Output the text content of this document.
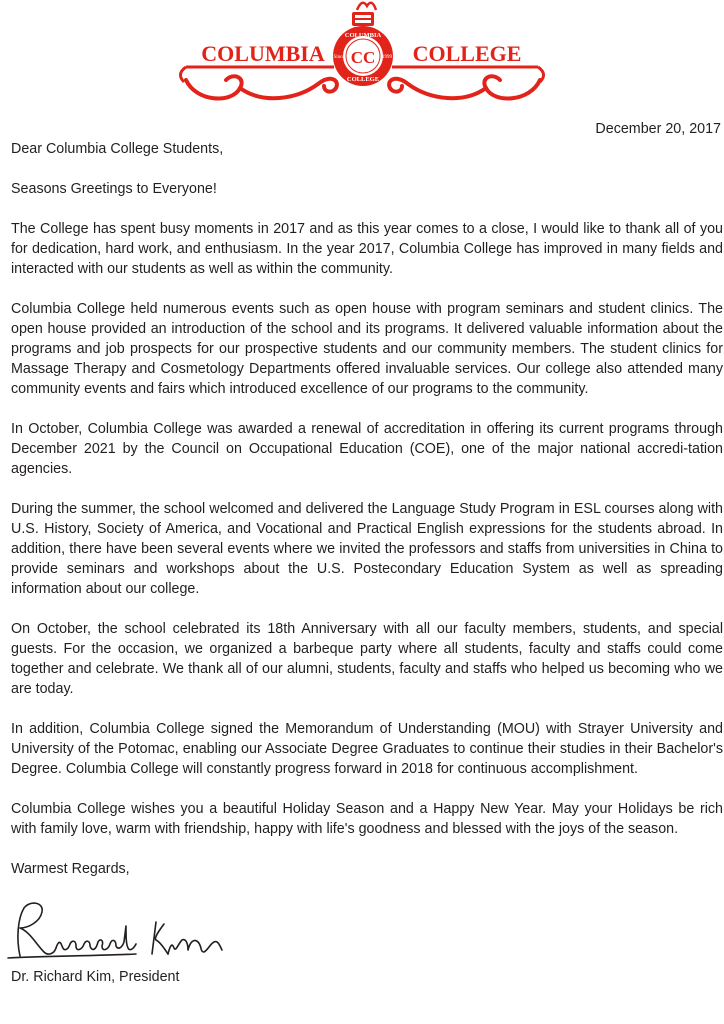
COLUMBIA	COLLEGE
COLUMBIA
COLLEGE
Since	1999
CC
December 20, 2017

Dear Columbia College Students,

Seasons Greetings to Everyone!

The College has spent busy moments in 2017 and as this year comes to a close, I would like to thank all of you for dedication, hard work, and enthusiasm. In the year 2017, Columbia College has improved in many fields and interacted with our students as well as within the community.

Columbia College held numerous events such as open house with program seminars and student clinics. The open house provided an introduction of the school and its programs. It delivered valuable information about the programs and job prospects for our prospective students and our community members. The student clinics for Massage Therapy and Cosmetology Departments offered invaluable services. Our college also attended many community events and fairs which introduced excellence of our programs to the community.

In October, Columbia College was awarded a renewal of accreditation in offering its current programs through December 2021 by the Council on Occupational Education (COE), one of the major national accredi-tation agencies.

During the summer, the school welcomed and delivered the Language Study Program in ESL courses along with U.S. History, Society of America, and Vocational and Practical English expressions for the students abroad. In addition, there have been several events where we invited the professors and staffs from universities in China to provide seminars and workshops about the U.S. Postecondary Education System as well as spreading information about our college.

On October, the school celebrated its 18th Anniversary with all our faculty members, students, and special guests. For the occasion, we organized a barbeque party where all students, faculty and staffs could come together and celebrate. We thank all of our alumni, students, faculty and staffs who helped us becoming who we are today.

In addition, Columbia College signed the Memorandum of Understanding (MOU) with Strayer University and University of the Potomac, enabling our Associate Degree Graduates to continue their studies in their Bachelor's Degree. Columbia College will constantly progress forward in 2018 for continuous accomplishment.

Columbia College wishes you a beautiful Holiday Season and a Happy New Year. May your Holidays be rich with family love, warm with friendship, happy with life's goodness and blessed with the joys of the season.

Warmest Regards,

Dr. Richard Kim, President
